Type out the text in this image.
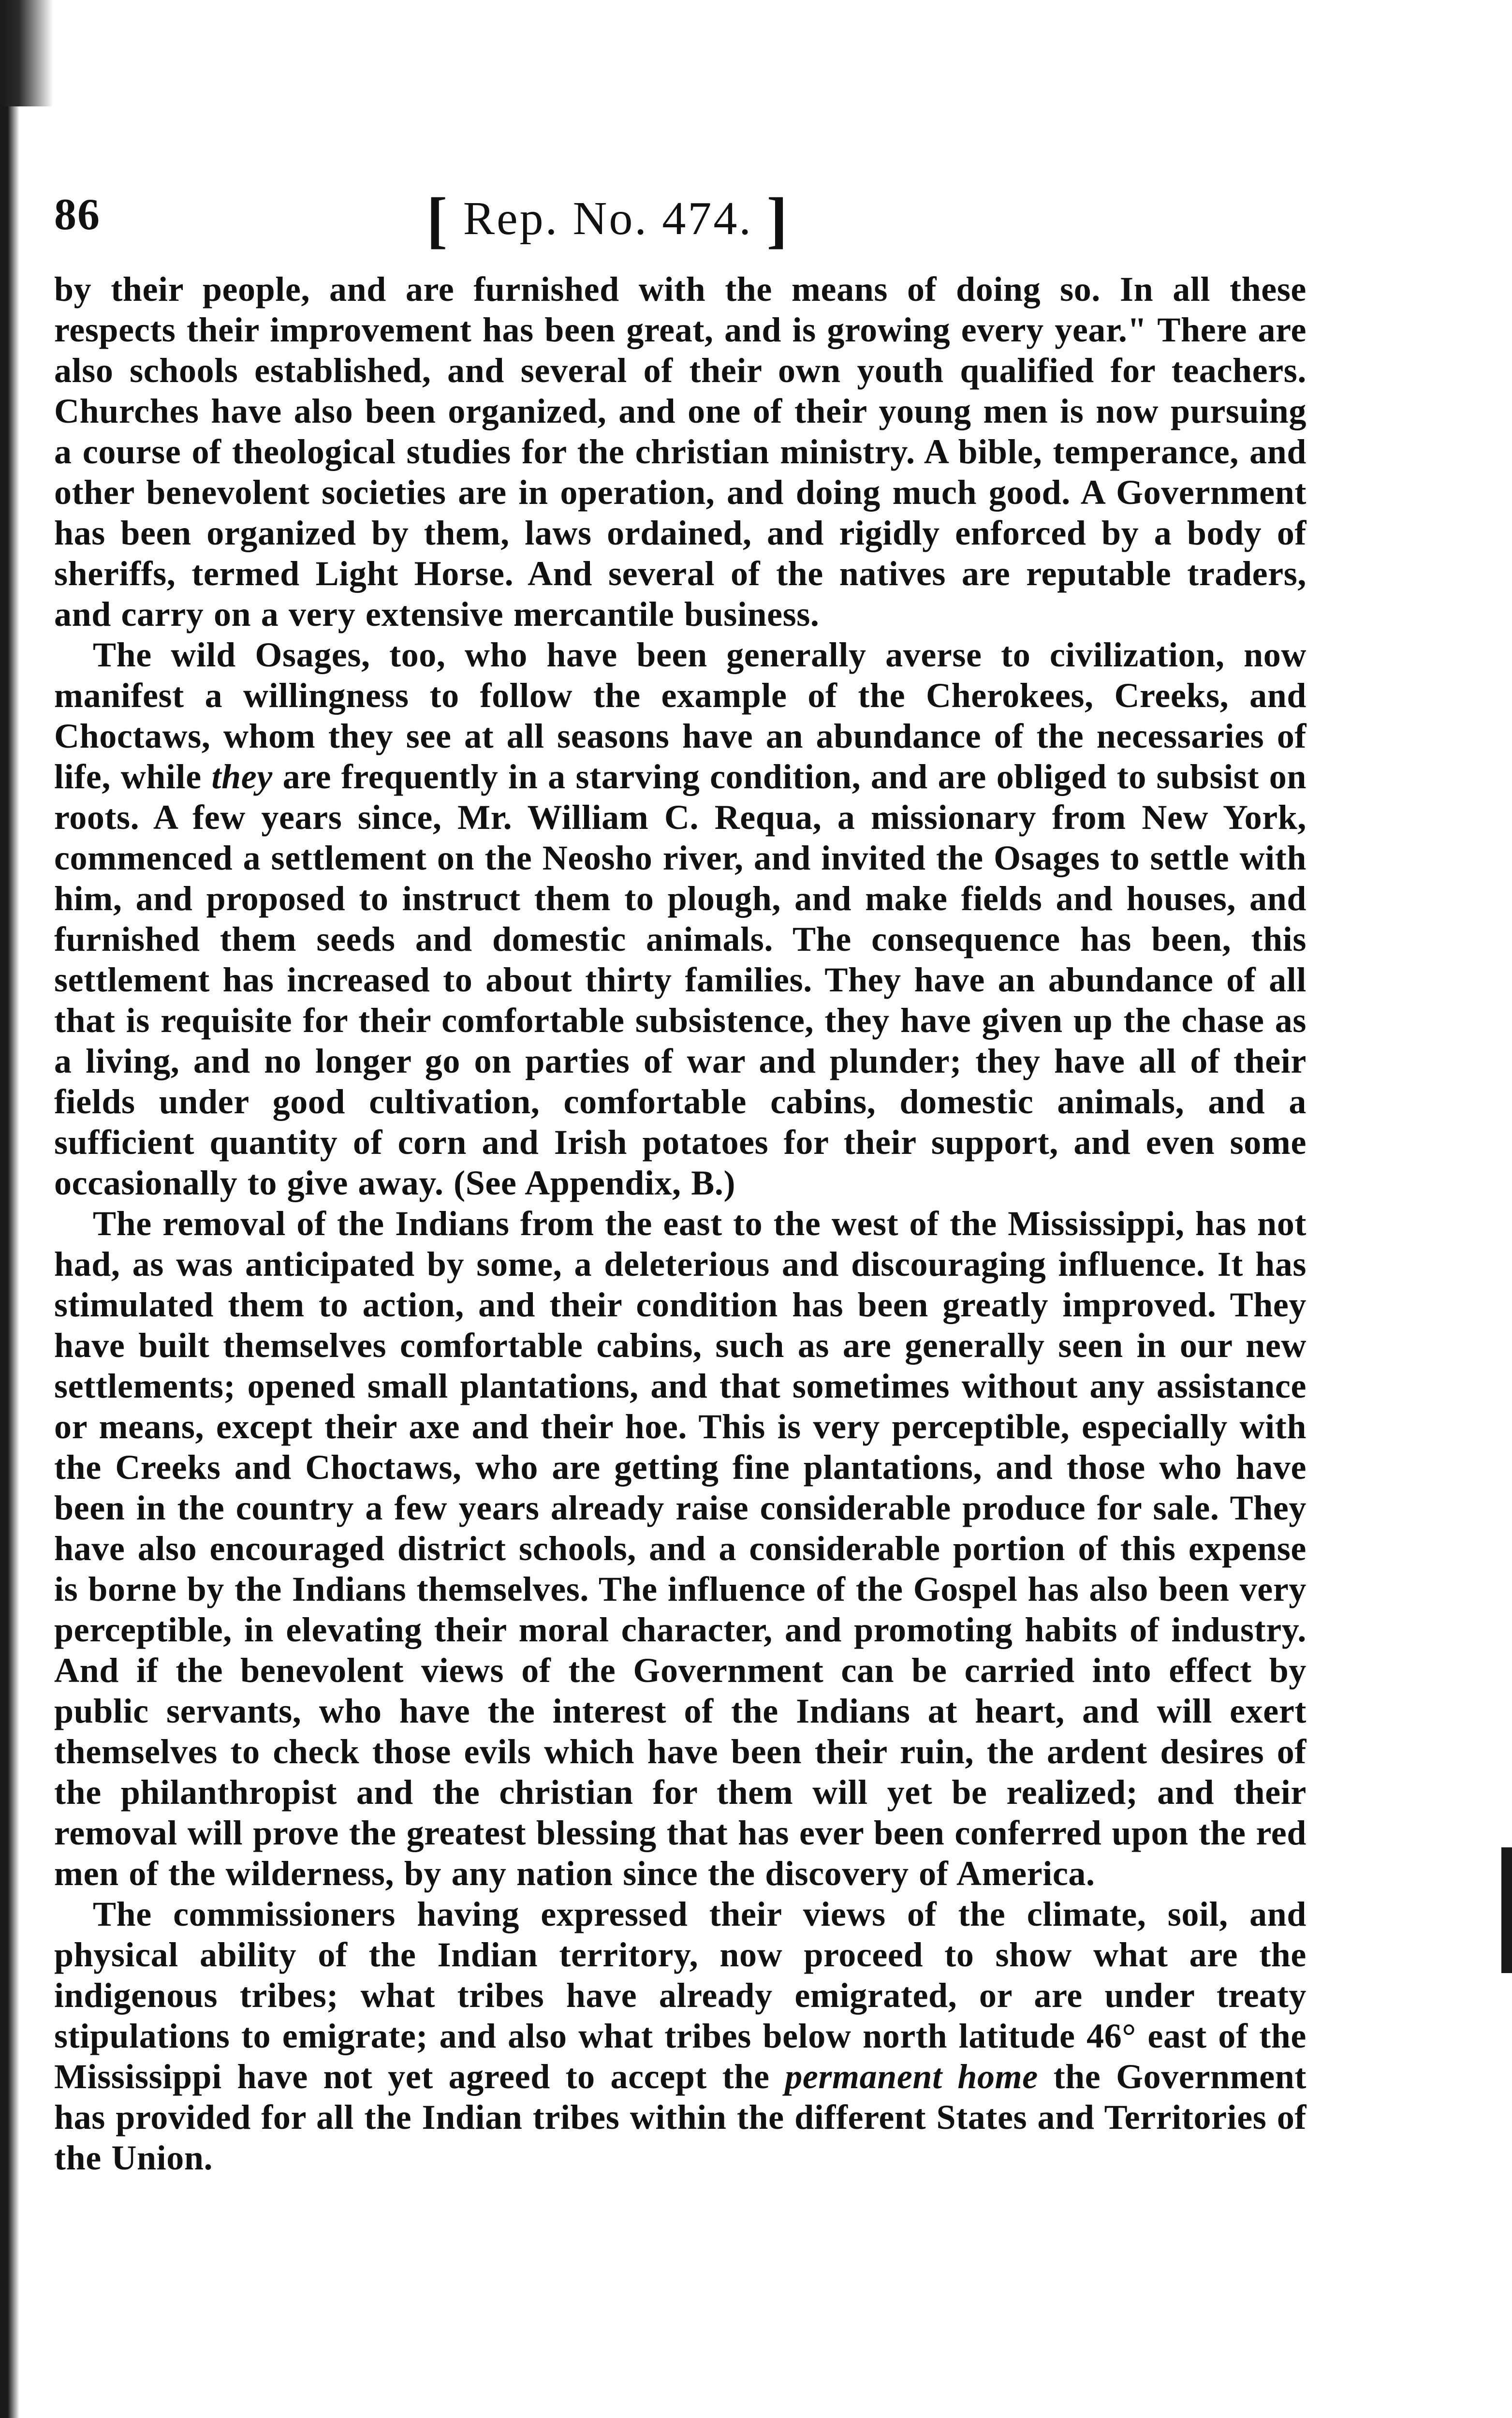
86	[ Rep. No. 474. ]

by their people, and are furnished with the means of doing so. In all these respects their improvement has been great, and is growing every year." There are also schools established, and several of their own youth qualified for teachers. Churches have also been organized, and one of their young men is now pursuing a course of theological studies for the christian ministry. A bible, temperance, and other benevolent societies are in operation, and doing much good. A Government has been organized by them, laws ordained, and rigidly enforced by a body of sheriffs, termed Light Horse. And several of the natives are reputable traders, and carry on a very extensive mercantile business.

The wild Osages, too, who have been generally averse to civilization, now manifest a willingness to follow the example of the Cherokees, Creeks, and Choctaws, whom they see at all seasons have an abundance of the necessaries of life, while they are frequently in a starving condition, and are obliged to subsist on roots. A few years since, Mr. William C. Requa, a missionary from New York, commenced a settlement on the Neosho river, and invited the Osages to settle with him, and proposed to instruct them to plough, and make fields and houses, and furnished them seeds and domestic animals. The consequence has been, this settlement has increased to about thirty families. They have an abundance of all that is requisite for their comfortable subsistence, they have given up the chase as a living, and no longer go on parties of war and plunder; they have all of their fields under good cultivation, comfortable cabins, domestic animals, and a sufficient quantity of corn and Irish potatoes for their support, and even some occasionally to give away. (See Appendix, B.)

The removal of the Indians from the east to the west of the Mississippi, has not had, as was anticipated by some, a deleterious and discouraging influence. It has stimulated them to action, and their condition has been greatly improved. They have built themselves comfortable cabins, such as are generally seen in our new settlements; opened small plantations, and that sometimes without any assistance or means, except their axe and their hoe. This is very perceptible, especially with the Creeks and Choctaws, who are getting fine plantations, and those who have been in the country a few years already raise considerable produce for sale. They have also encouraged district schools, and a considerable portion of this expense is borne by the Indians themselves. The influence of the Gospel has also been very perceptible, in elevating their moral character, and promoting habits of industry. And if the benevolent views of the Government can be carried into effect by public servants, who have the interest of the Indians at heart, and will exert themselves to check those evils which have been their ruin, the ardent desires of the philanthropist and the christian for them will yet be realized; and their removal will prove the greatest blessing that has ever been conferred upon the red men of the wilderness, by any nation since the discovery of America.

The commissioners having expressed their views of the climate, soil, and physical ability of the Indian territory, now proceed to show what are the indigenous tribes; what tribes have already emigrated, or are under treaty stipulations to emigrate; and also what tribes below north latitude 46° east of the Mississippi have not yet agreed to accept the permanent home the Government has provided for all the Indian tribes within the different States and Territories of the Union.
